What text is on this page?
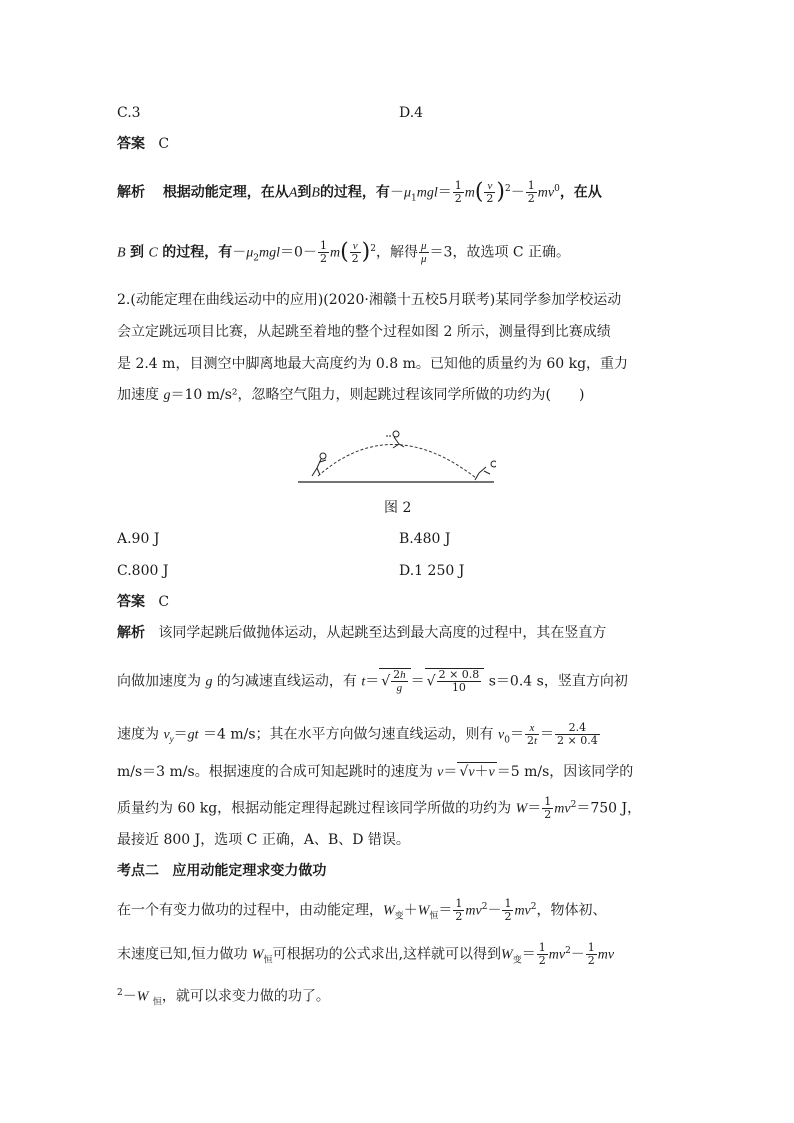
C.3	D.4
答案 C
解析 根据动能定理，在从A到B的过程，有$-\mu_1mgl= \frac{1}{2} m( \frac{v}{2} )^2- \frac{1}{2} mv^0$，在从
B 到 C 的过程，有$-\mu_2mgl=0- \frac{1}{2} m( \frac{v}{2} )^2$，解得 $\frac{\mu}{\mu} =3$，故选项 C 正确。
2.(动能定理在曲线运动中的应用)(2020·湘赣十五校5月联考)某同学参加学校运动
会立定跳远项目比赛，从起跳至着地的整个过程如图 2 所示，测量得到比赛成绩
是 2.4 m，目测空中脚离地最大高度约为 0.8 m。已知他的质量约为 60 kg，重力
加速度 g＝10 m/s²，忽略空气阻力，则起跳过程该同学所做的功约为(　　)
图 2
A.90 J	B.480 J
C.800 J	D.1 250 J
答案 C
解析 该同学起跳后做抛体运动，从起跳至达到最大高度的过程中，其在竖直方
向做加速度为 g 的匀减速直线运动，有 t＝ √ $\frac{2h}{g}$ ＝ √ $\frac{2 \times 0.8}{10} s=0.4$ s，竖直方向初
速度为 $v_y=gt =4$ m/s；其在水平方向做匀速直线运动，则有 $v_0= \frac{x}{2t} = \frac{2.4}{2 \times 0.4}$
m/s＝3 m/s。根据速度的合成可知起跳时的速度为 v＝ √v＋v ＝5 m/s，因该同学的
质量约为 60 kg，根据动能定理得起跳过程该同学所做的功约为 $W= \frac{1}{2} mv^2=750$ J，
最接近 800 J，选项 C 正确，A、B、D 错误。
考点二 应用动能定理求变力做功
在一个有变力做功的过程中，由动能定理，$W_变+W_恒= \frac{1}{2} mv^2- \frac{1}{2} mv^2$，物体初、
末速度已知,恒力做功 $W_恒$可根据功的公式求出,这样就可以得到$W_变= \frac{1}{2} mv^2- \frac{1}{2}$ mv
$^2$－W $_恒$，就可以求变力做的功了。
